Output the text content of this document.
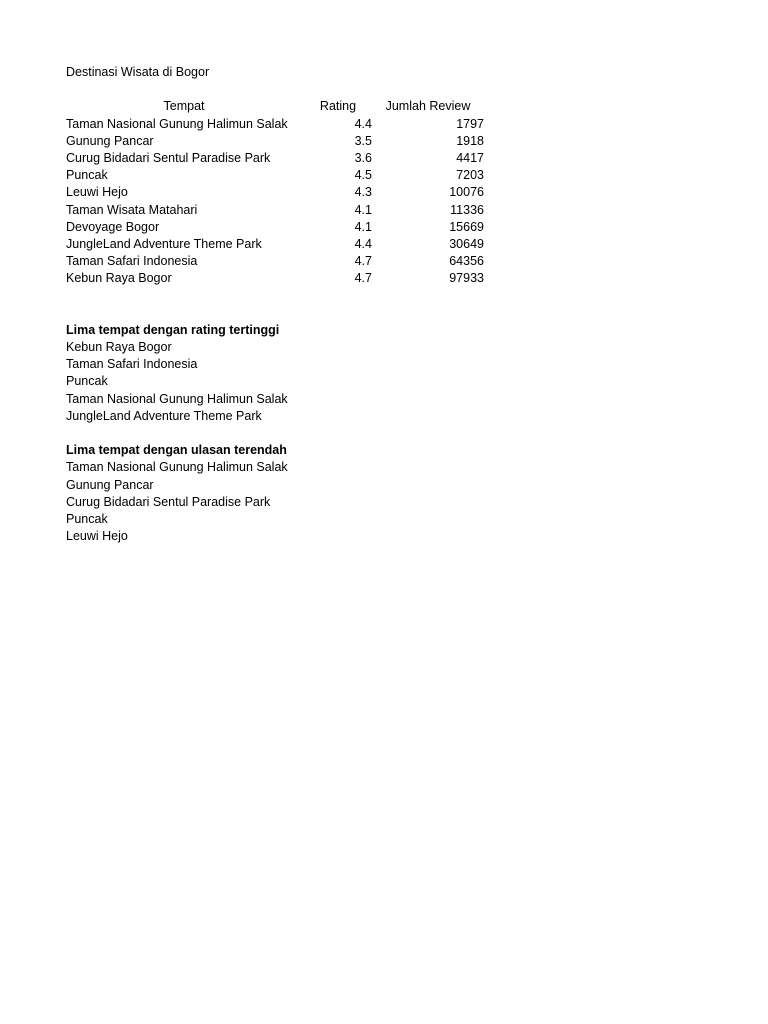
Destinasi Wisata di Bogor
Tempat	Rating	Jumlah Review
Taman Nasional Gunung Halimun Salak	4.4	1797
Gunung Pancar	3.5	1918
Curug Bidadari Sentul Paradise Park	3.6	4417
Puncak	4.5	7203
Leuwi Hejo	4.3	10076
Taman Wisata Matahari	4.1	11336
Devoyage Bogor	4.1	15669
JungleLand Adventure Theme Park	4.4	30649
Taman Safari Indonesia	4.7	64356
Kebun Raya Bogor	4.7	97933
Lima tempat dengan rating tertinggi
Kebun Raya Bogor
Taman Safari Indonesia
Puncak
Taman Nasional Gunung Halimun Salak
JungleLand Adventure Theme Park
Lima tempat dengan ulasan terendah
Taman Nasional Gunung Halimun Salak
Gunung Pancar
Curug Bidadari Sentul Paradise Park
Puncak
Leuwi Hejo
